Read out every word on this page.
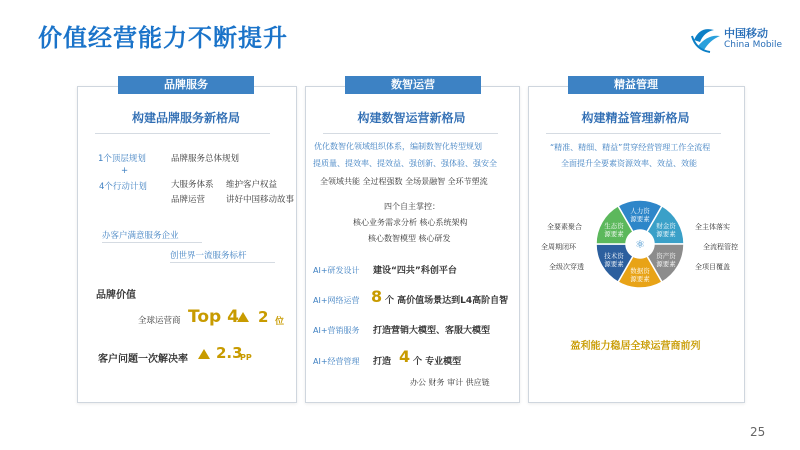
价值经营能力不断提升	中国移动
China Mobile
品牌服务
构建品牌服务新格局
1个顶层规划
+
4个行动计划
品牌服务总体规划
大服务体系 维护客户权益
品牌运营 讲好中国移动故事
办客户满意服务企业
创世界一流服务标杆
品牌价值
全球运营商 Top 4 2 位
客户问题一次解决率 2.3
PP
数智运营
构建数智运营新格局
优化数智化领域组织体系，编制数智化转型规划
提质量、提效率、提效益、强创新、强体验、强安全
全领域共能 全过程强数 全场景融智 全环节塑流
四个自主掌控：
核心业务需求分析 核心系统架构
核心数智模型 核心研发
AI+研发设计 建设“四共”科创平台
AI+网络运营 8 个 高价值场景达到L4高阶自智
AI+营销服务 打造营销大模型、客服大模型
AI+经营管理 打造 4 个 专业模型
办公 财务 审计 供应链
精益管理
构建精益管理新格局
“精准、精细、精益”贯穿经营管理工作全流程
全面提升全要素资源效率、效益、效能
人力资
源要素
财金资
源要素
资产资
源要素
数据资
源要素
技术资
源要素
生态资
源要素
⚛
全要素聚合
全周期闭环
全级次穿透
全主体落实
全流程管控
全项目覆盖
盈利能力稳居全球运营商前列
25
